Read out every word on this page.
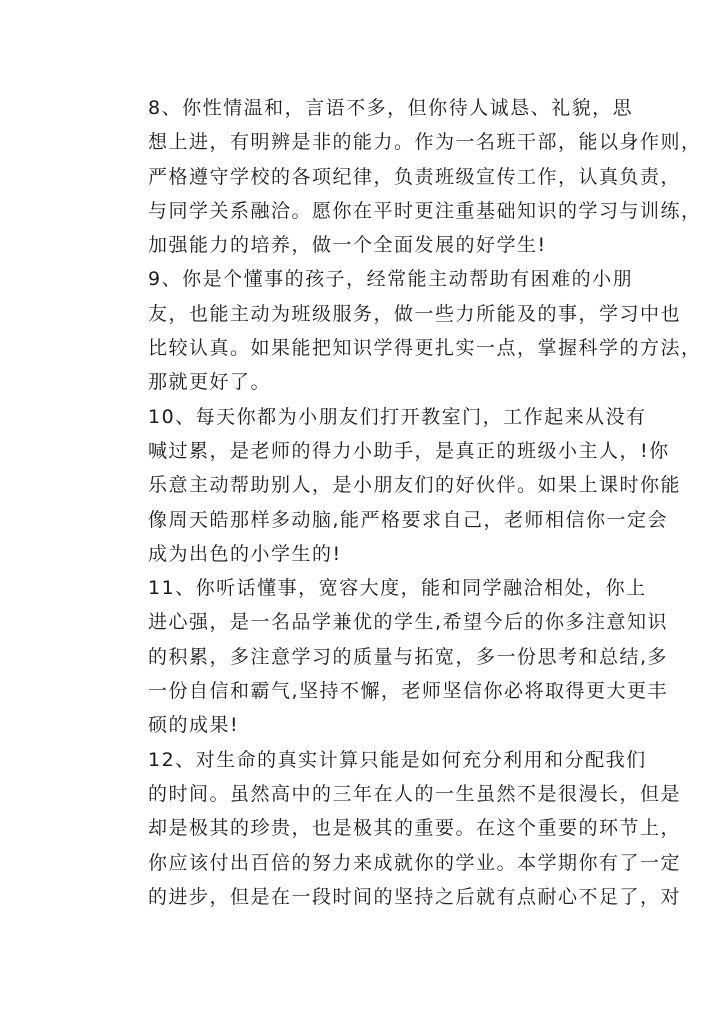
8、你性情温和，言语不多，但你待人诚恳、礼貌，思
想上进，有明辨是非的能力。作为一名班干部，能以身作则，
严格遵守学校的各项纪律，负责班级宣传工作，认真负责，
与同学关系融洽。愿你在平时更注重基础知识的学习与训练，
加强能力的培养，做一个全面发展的好学生!

9、你是个懂事的孩子，经常能主动帮助有困难的小朋
友，也能主动为班级服务，做一些力所能及的事，学习中也
比较认真。如果能把知识学得更扎实一点，掌握科学的方法，
那就更好了。

10、每天你都为小朋友们打开教室门，工作起来从没有
喊过累，是老师的得力小助手，是真正的班级小主人，!你
乐意主动帮助别人，是小朋友们的好伙伴。如果上课时你能
像周天皓那样多动脑,能严格要求自己，老师相信你一定会
成为出色的小学生的!

11、你听话懂事，宽容大度，能和同学融洽相处，你上
进心强，是一名品学兼优的学生,希望今后的你多注意知识
的积累，多注意学习的质量与拓宽，多一份思考和总结,多
一份自信和霸气,坚持不懈，老师坚信你必将取得更大更丰
硕的成果!

12、对生命的真实计算只能是如何充分利用和分配我们
的时间。虽然高中的三年在人的一生虽然不是很漫长，但是
却是极其的珍贵，也是极其的重要。在这个重要的环节上，
你应该付出百倍的努力来成就你的学业。本学期你有了一定
的进步，但是在一段时间的坚持之后就有点耐心不足了，对
